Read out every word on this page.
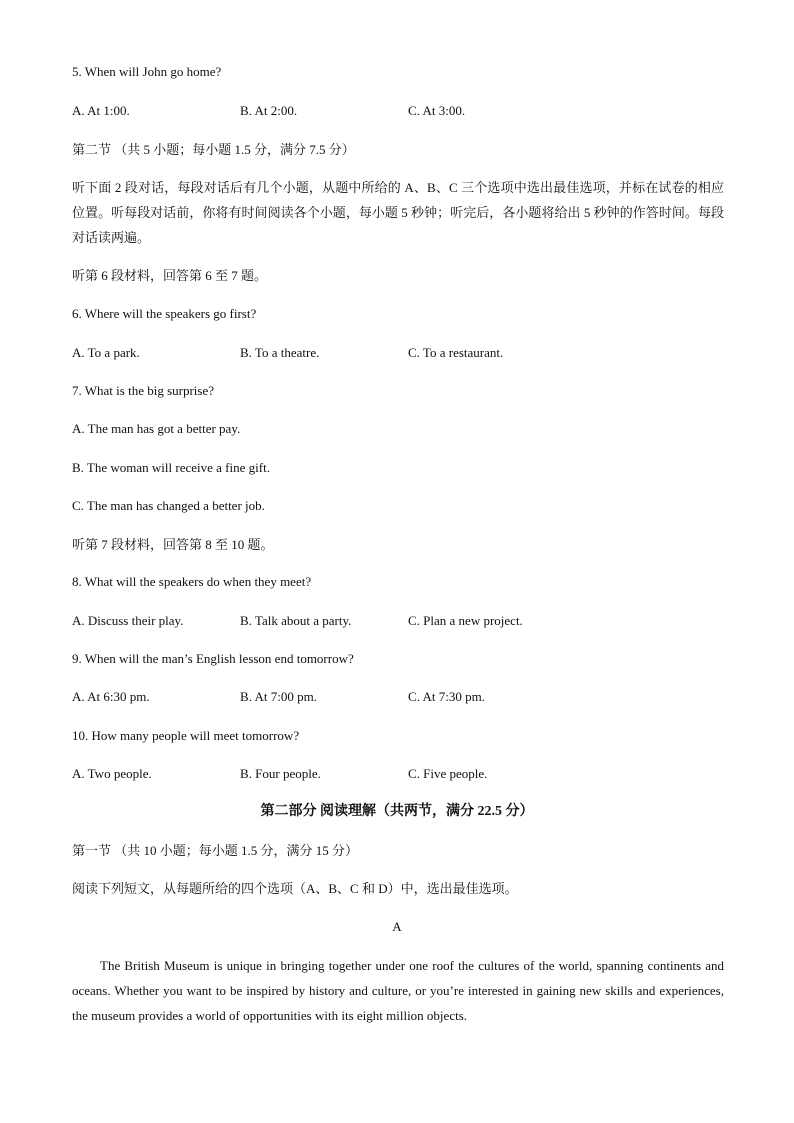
5. When will John go home?
A. At 1:00.	B. At 2:00.	C. At 3:00.
第二节 （共 5 小题；每小题 1.5 分，满分 7.5 分）
听下面 2 段对话，每段对话后有几个小题，从题中所给的 A、B、C 三个选项中选出最佳选项，并标在试卷的相应位置。听每段对话前，你将有时间阅读各个小题，每小题 5 秒钟；听完后，各小题将给出 5 秒钟的作答时间。每段对话读两遍。
听第 6 段材料，回答第 6 至 7 题。
6. Where will the speakers go first?
A. To a park.	B. To a theatre.	C. To a restaurant.
7. What is the big surprise?
A. The man has got a better pay.
B. The woman will receive a fine gift.
C. The man has changed a better job.
听第 7 段材料，回答第 8 至 10 题。
8. What will the speakers do when they meet?
A. Discuss their play.	B. Talk about a party.	C. Plan a new project.
9. When will the man’s English lesson end tomorrow?
A. At 6:30 pm.	B. At 7:00 pm.	C. At 7:30 pm.
10. How many people will meet tomorrow?
A. Two people.	B. Four people.	C. Five people.
第二部分 阅读理解（共两节，满分 22.5 分）
第一节 （共 10 小题；每小题 1.5 分，满分 15 分）
阅读下列短文，从每题所给的四个选项（A、B、C 和 D）中，选出最佳选项。
A
The British Museum is unique in bringing together under one roof the cultures of the world, spanning continents and oceans. Whether you want to be inspired by history and culture, or you’re interested in gaining new skills and experiences, the museum provides a world of opportunities with its eight million objects.
